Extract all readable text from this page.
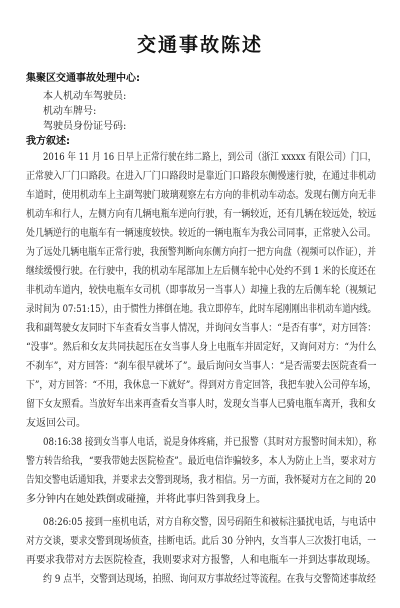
交通事故陈述
集聚区交通事故处理中心:
本人机动车驾驶员:
机动车牌号:
驾驶员身份证号码:
我方叙述:
2016 年 11 月 16 日早上正常行驶在纬二路上，到公司（浙江 xxxxx 有限公司）门口，
正常驶入厂门口路段。在进入厂门口路段时是靠近门口路段东侧慢速行驶，在通过非机动
车道时，使用机动车上主副驾驶门玻璃观察左右方向的非机动车动态。发现右侧方向无非
机动车和行人，左侧方向有几辆电瓶车逆向行驶，有一辆较近，还有几辆在较远处，较远
处几辆逆行的电瓶车有一辆速度较快。较近的一辆电瓶车为我公司同事，正常驶入公司。
为了远处几辆电瓶车正常行驶，我预警判断向东侧方向打一把方向盘（视频可以作证），并
继续缓慢行驶。在行驶中，我的机动车尾部加上左后侧车轮中心处约不到 1 米的长度还在
非机动车道内，较快电瓶车女司机（即事故另一当事人）却撞上我的左后侧车轮（视频记
录时间为 07:51:15），由于惯性力摔倒在地。我立即停车，此时车尾刚刚出非机动车道内线。
我和副驾驶女友同时下车查看女当事人情况，并询问女当事人：“是否有事”，对方回答：
“没事”。然后和女友共同扶起压在女当事人身上电瓶车并固定好，又询问对方：“为什么
不刹车”，对方回答：“刹车很早就坏了”。最后询问女当事人：“是否需要去医院查看一
下”，对方回答：“不用，我休息一下就好”。得到对方肯定回答，我把车驶入公司停车场，
留下女友照看。当放好车出来再查看女当事人时，发现女当事人已骑电瓶车离开，我和女
友返回公司。
08:16:38 接到女当事人电话，说是身体疼痛，并已报警（其时对方报警时间未知），称
警方转告给我，“要我带她去医院检查”。最近电信诈骗较多，本人为防止上当，要求对方
告知交警电话通知我，并要求去交警到现场，我才相信。另一方面，我怀疑对方在之间的 20
多分钟内在她处跌倒或碰撞，并将此事归咎到我身上。
08:26:05 接到一座机电话，对方自称交警，因号码陌生和被标注骚扰电话，与电话中
对方交谈，要求交警到现场侦查，挂断电话。此后 30 分钟内，女当事人三次拨打电话，一
再要求我带对方去医院检查，我则要求对方报警，人和电瓶车一并到达事故现场。
约 9 点半，交警到达现场，拍照、询问双方事故经过等流程。在我与交警简述事故经
